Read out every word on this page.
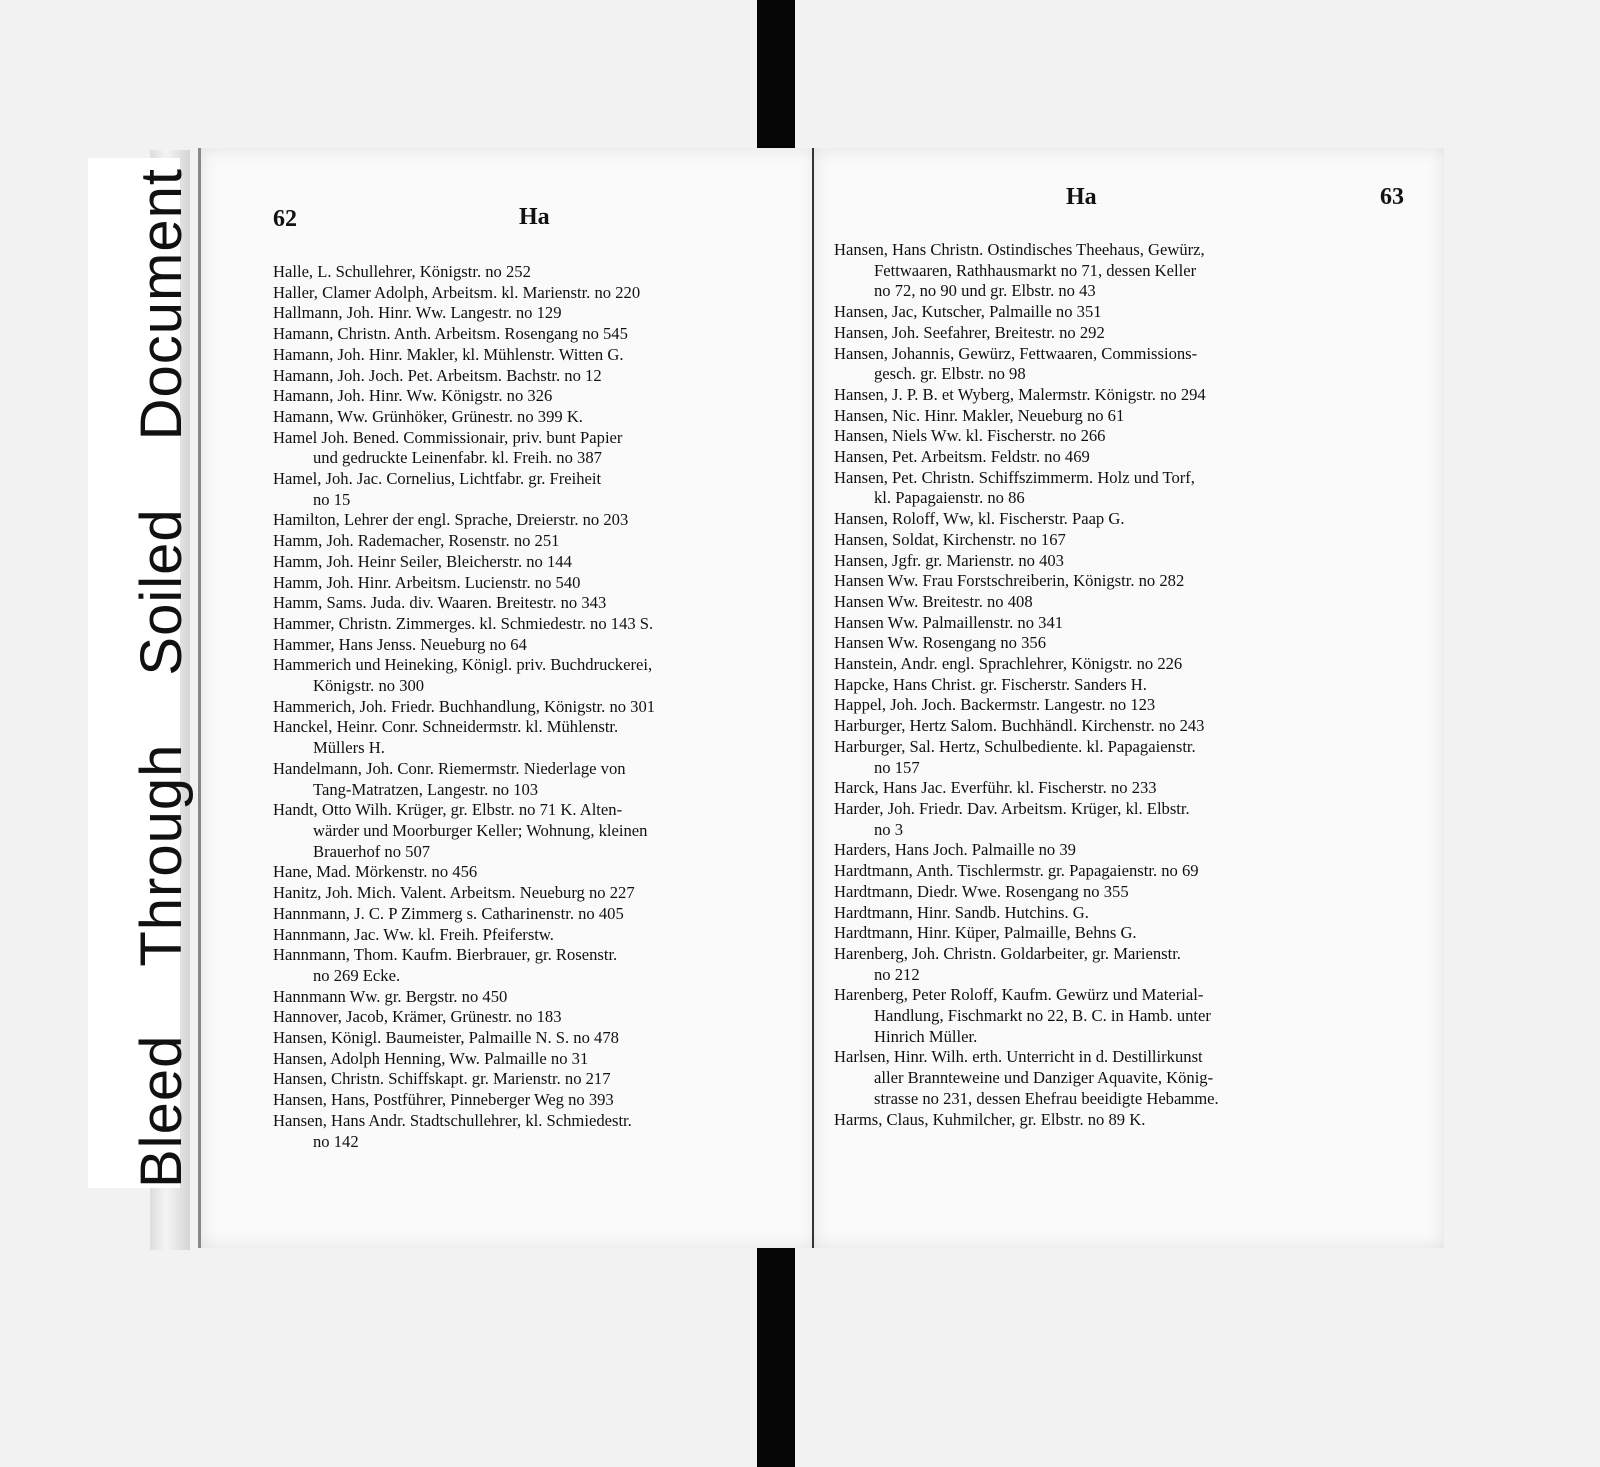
Bleed
Through
Soiled
Document	62	Ha
Halle, L. Schullehrer, Königstr. no 252
Haller, Clamer Adolph, Arbeitsm. kl. Marienstr. no 220
Hallmann, Joh. Hinr. Ww. Langestr. no 129
Hamann, Christn. Anth. Arbeitsm. Rosengang no 545
Hamann, Joh. Hinr. Makler, kl. Mühlenstr. Witten G.
Hamann, Joh. Joch. Pet. Arbeitsm. Bachstr. no 12
Hamann, Joh. Hinr. Ww. Königstr. no 326
Hamann, Ww. Grünhöker, Grünestr. no 399 K.
Hamel Joh. Bened. Commissionair, priv. bunt Papier
und gedruckte Leinenfabr. kl. Freih. no 387
Hamel, Joh. Jac. Cornelius, Lichtfabr. gr. Freiheit
no 15
Hamilton, Lehrer der engl. Sprache, Dreierstr. no 203
Hamm, Joh. Rademacher, Rosenstr. no 251
Hamm, Joh. Heinr Seiler, Bleicherstr. no 144
Hamm, Joh. Hinr. Arbeitsm. Lucienstr. no 540
Hamm, Sams. Juda. div. Waaren. Breitestr. no 343
Hammer, Christn. Zimmerges. kl. Schmiedestr. no 143 S.
Hammer, Hans Jenss. Neueburg no 64
Hammerich und Heineking, Königl. priv. Buchdruckerei,
Königstr. no 300
Hammerich, Joh. Friedr. Buchhandlung, Königstr. no 301
Hanckel, Heinr. Conr. Schneidermstr. kl. Mühlenstr.
Müllers H.
Handelmann, Joh. Conr. Riemermstr. Niederlage von
Tang-Matratzen, Langestr. no 103
Handt, Otto Wilh. Krüger, gr. Elbstr. no 71 K. Alten-
wärder und Moorburger Keller; Wohnung, kleinen
Brauerhof no 507
Hane, Mad. Mörkenstr. no 456
Hanitz, Joh. Mich. Valent. Arbeitsm. Neueburg no 227
Hannmann, J. C. P Zimmerg s. Catharinenstr. no 405
Hannmann, Jac. Ww. kl. Freih. Pfeiferstw.
Hannmann, Thom. Kaufm. Bierbrauer, gr. Rosenstr.
no 269 Ecke.
Hannmann Ww. gr. Bergstr. no 450
Hannover, Jacob, Krämer, Grünestr. no 183
Hansen, Königl. Baumeister, Palmaille N. S. no 478
Hansen, Adolph Henning, Ww. Palmaille no 31
Hansen, Christn. Schiffskapt. gr. Marienstr. no 217
Hansen, Hans, Postführer, Pinneberger Weg no 393
Hansen, Hans Andr. Stadtschullehrer, kl. Schmiedestr.
no 142
Ha	63
Hansen, Hans Christn. Ostindisches Theehaus, Gewürz,
Fettwaaren, Rathhausmarkt no 71, dessen Keller
no 72, no 90 und gr. Elbstr. no 43
Hansen, Jac, Kutscher, Palmaille no 351
Hansen, Joh. Seefahrer, Breitestr. no 292
Hansen, Johannis, Gewürz, Fettwaaren, Commissions-
gesch. gr. Elbstr. no 98
Hansen, J. P. B. et Wyberg, Malermstr. Königstr. no 294
Hansen, Nic. Hinr. Makler, Neueburg no 61
Hansen, Niels Ww. kl. Fischerstr. no 266
Hansen, Pet. Arbeitsm. Feldstr. no 469
Hansen, Pet. Christn. Schiffszimmerm. Holz und Torf,
kl. Papagaienstr. no 86
Hansen, Roloff, Ww, kl. Fischerstr. Paap G.
Hansen, Soldat, Kirchenstr. no 167
Hansen, Jgfr. gr. Marienstr. no 403
Hansen Ww. Frau Forstschreiberin, Königstr. no 282
Hansen Ww. Breitestr. no 408
Hansen Ww. Palmaillenstr. no 341
Hansen Ww. Rosengang no 356
Hanstein, Andr. engl. Sprachlehrer, Königstr. no 226
Hapcke, Hans Christ. gr. Fischerstr. Sanders H.
Happel, Joh. Joch. Backermstr. Langestr. no 123
Harburger, Hertz Salom. Buchhändl. Kirchenstr. no 243
Harburger, Sal. Hertz, Schulbediente. kl. Papagaienstr.
no 157
Harck, Hans Jac. Everführ. kl. Fischerstr. no 233
Harder, Joh. Friedr. Dav. Arbeitsm. Krüger, kl. Elbstr.
no 3
Harders, Hans Joch. Palmaille no 39
Hardtmann, Anth. Tischlermstr. gr. Papagaienstr. no 69
Hardtmann, Diedr. Wwe. Rosengang no 355
Hardtmann, Hinr. Sandb. Hutchins. G.
Hardtmann, Hinr. Küper, Palmaille, Behns G.
Harenberg, Joh. Christn. Goldarbeiter, gr. Marienstr.
no 212
Harenberg, Peter Roloff, Kaufm. Gewürz und Material-
Handlung, Fischmarkt no 22, B. C. in Hamb. unter
Hinrich Müller.
Harlsen, Hinr. Wilh. erth. Unterricht in d. Destillirkunst
aller Brannteweine und Danziger Aquavite, König-
strasse no 231, dessen Ehefrau beeidigte Hebamme.
Harms, Claus, Kuhmilcher, gr. Elbstr. no 89 K.
